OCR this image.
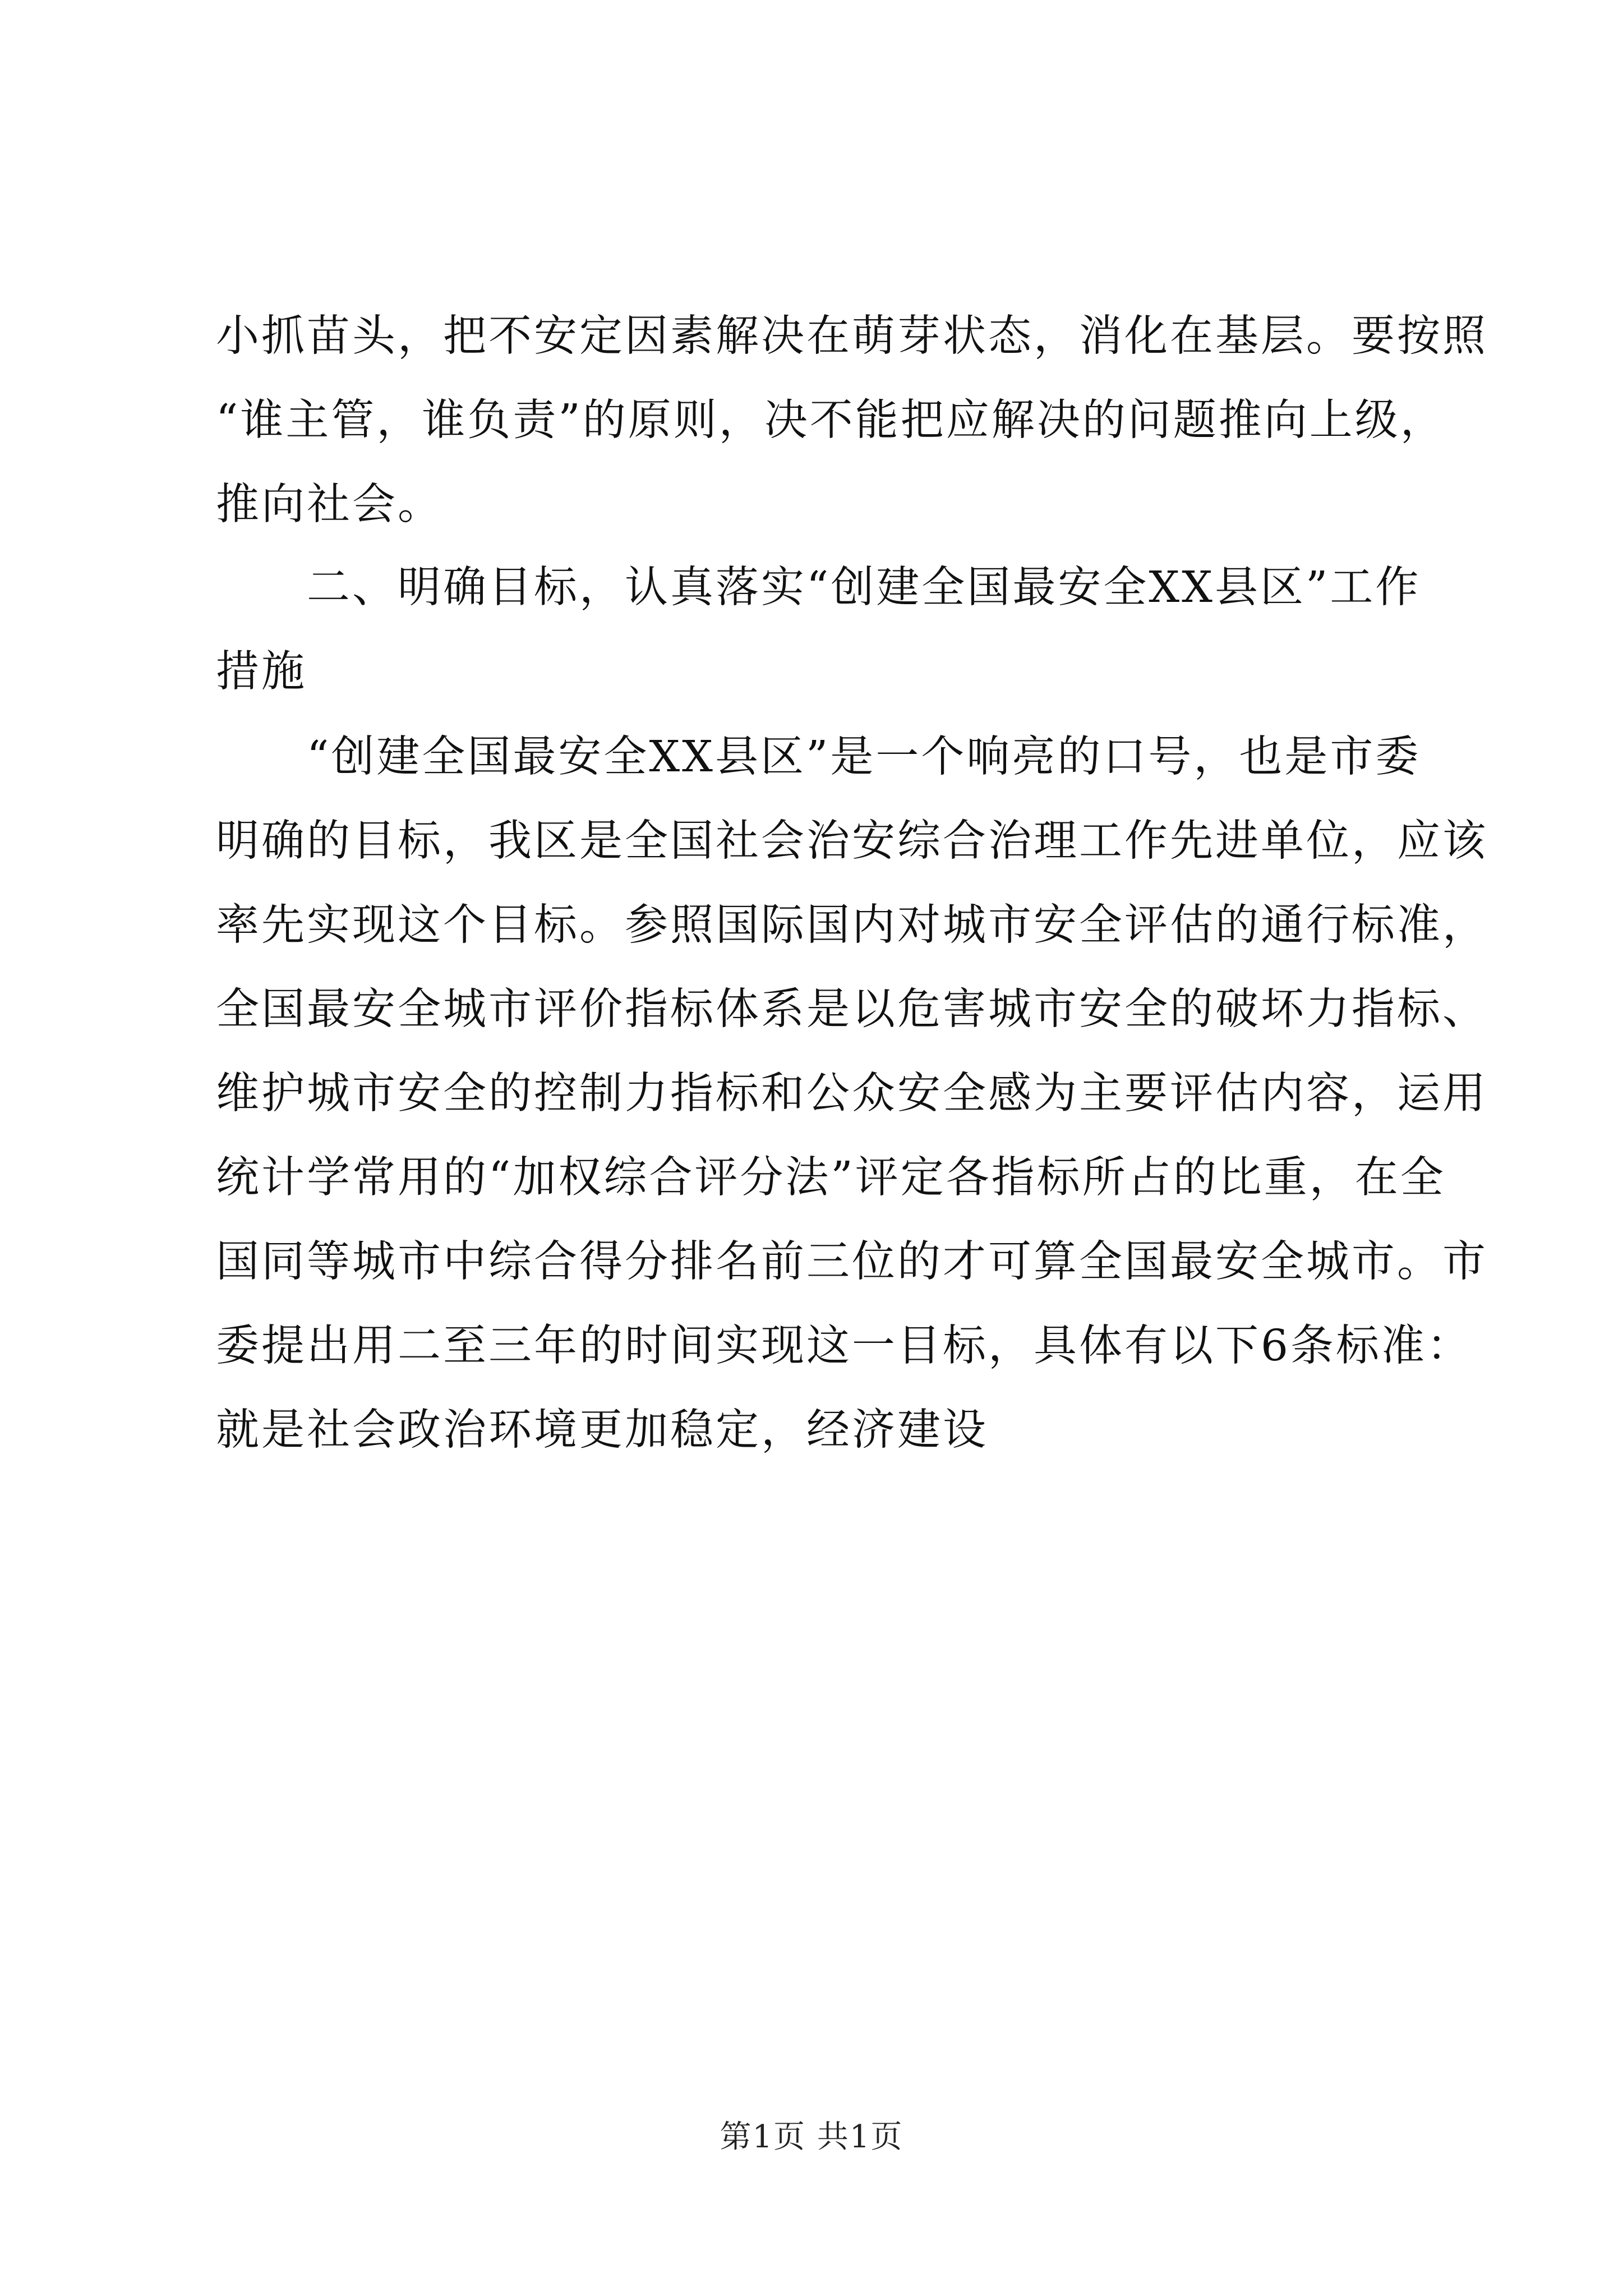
小抓苗头，把不安定因素解决在萌芽状态，消化在基层。要按照
“谁主管，谁负责”的原则，决不能把应解决的问题推向上级，
推向社会。
　　二、明确目标，认真落实“创建全国最安全XX县区”工作
措施
　　“创建全国最安全XX县区”是一个响亮的口号，也是市委
明确的目标，我区是全国社会治安综合治理工作先进单位，应该
率先实现这个目标。参照国际国内对城市安全评估的通行标准，
全国最安全城市评价指标体系是以危害城市安全的破坏力指标、
维护城市安全的控制力指标和公众安全感为主要评估内容，运用
统计学常用的“加权综合评分法”评定各指标所占的比重，在全
国同等城市中综合得分排名前三位的才可算全国最安全城市。市
委提出用二至三年的时间实现这一目标，具体有以下6条标准：
就是社会政治环境更加稳定，经济建设
第1页 共1页
